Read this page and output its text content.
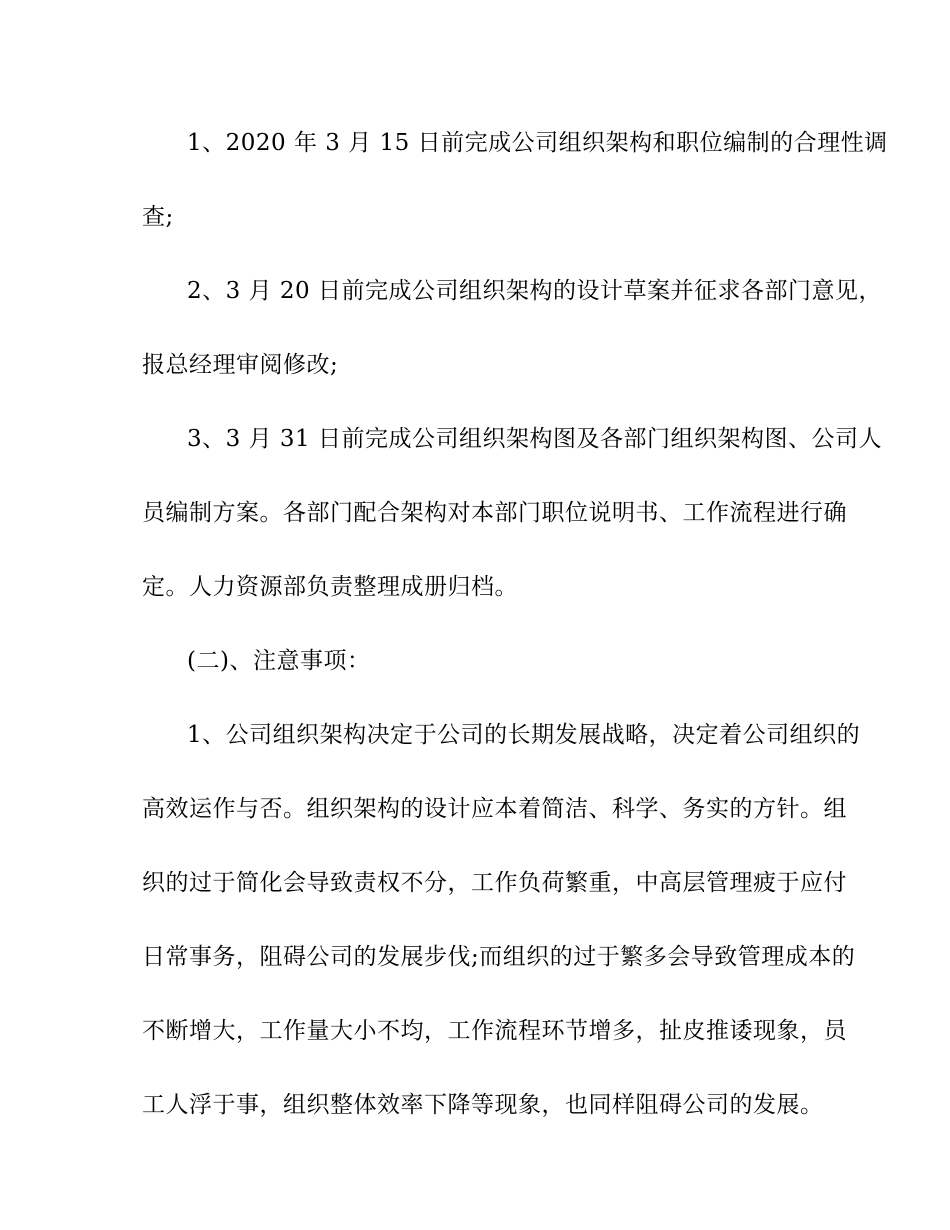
1、2020 年 3 月 15 日前完成公司组织架构和职位编制的合理性调
查;
2、3 月 20 日前完成公司组织架构的设计草案并征求各部门意见，
报总经理审阅修改;
3、3 月 31 日前完成公司组织架构图及各部门组织架构图、公司人
员编制方案。各部门配合架构对本部门职位说明书、工作流程进行确
定。人力资源部负责整理成册归档。
(二)、注意事项：
1、公司组织架构决定于公司的长期发展战略，决定着公司组织的
高效运作与否。组织架构的设计应本着简洁、科学、务实的方针。组
织的过于简化会导致责权不分，工作负荷繁重，中高层管理疲于应付
日常事务，阻碍公司的发展步伐;而组织的过于繁多会导致管理成本的
不断增大，工作量大小不均，工作流程环节增多，扯皮推诿现象，员
工人浮于事，组织整体效率下降等现象，也同样阻碍公司的发展。
